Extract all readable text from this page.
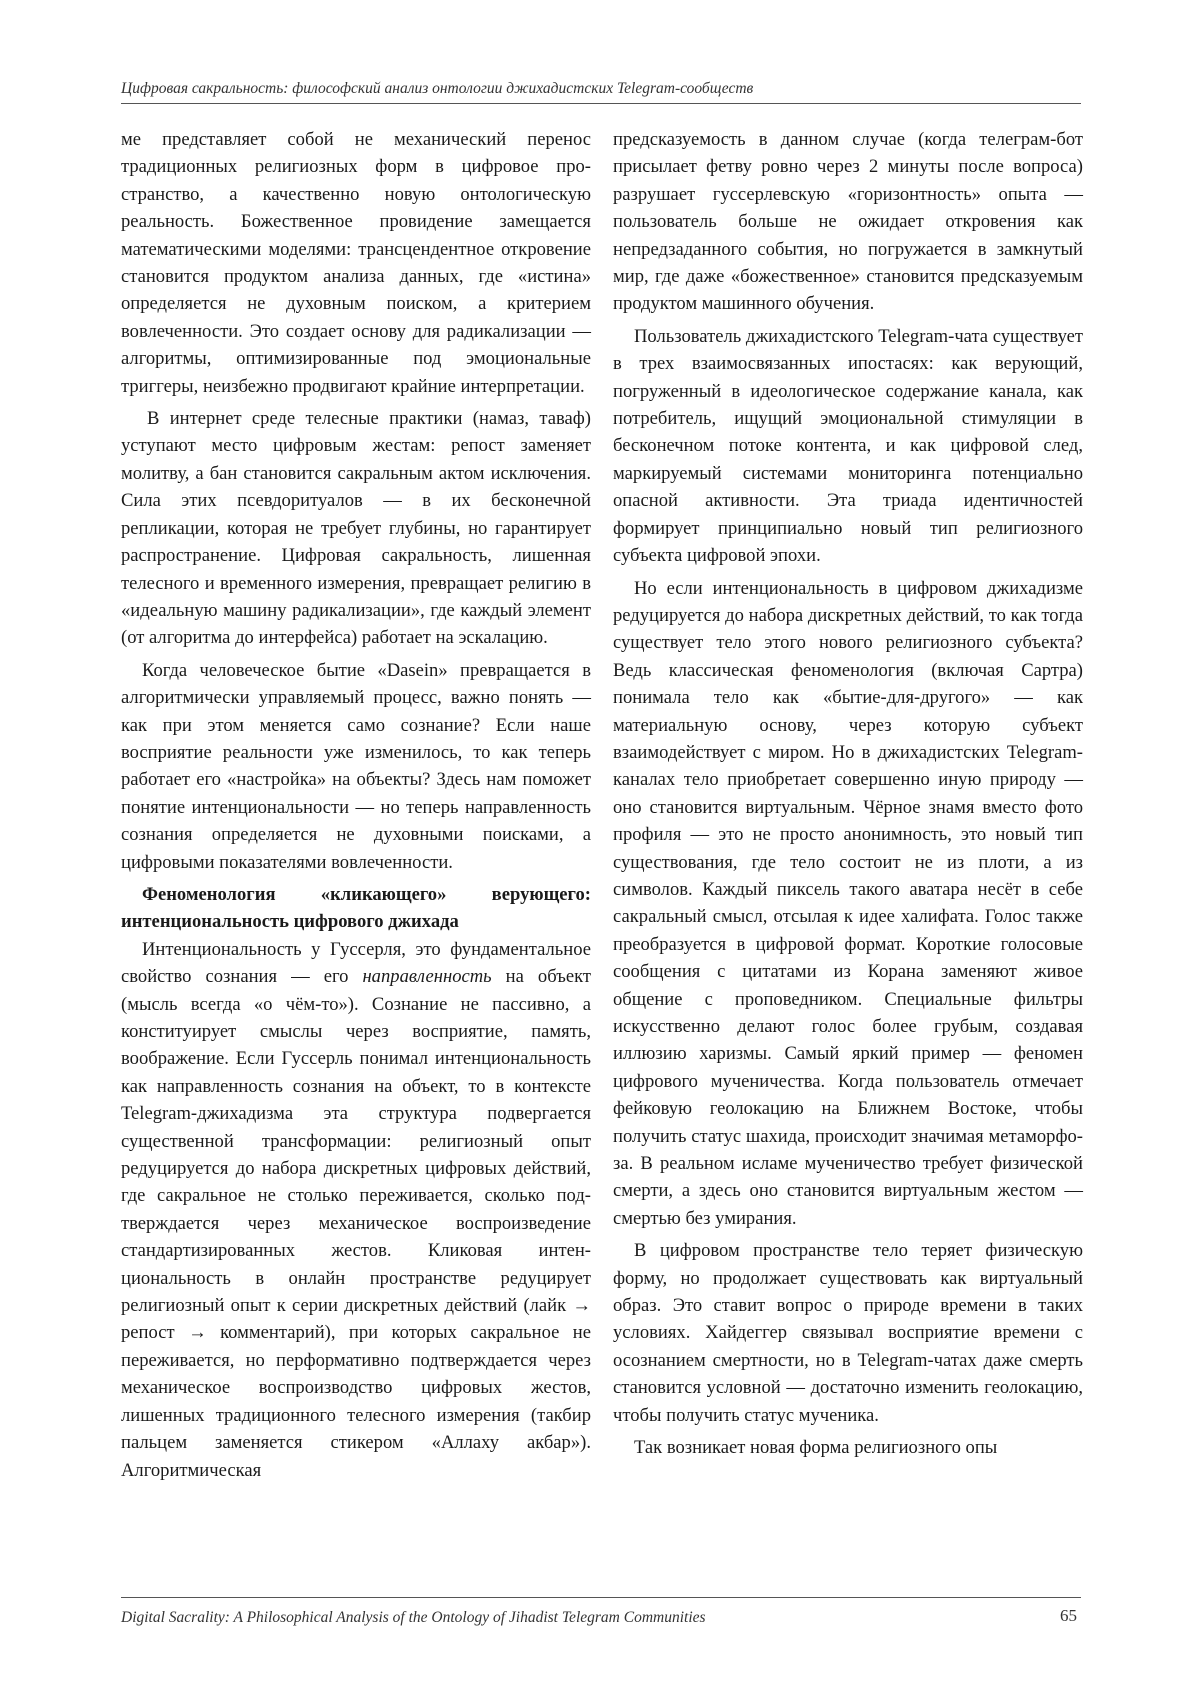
Цифровая сакральность: философский анализ онтологии джихадистских Telegram-сообществ

ме представляет собой не механический перенос традиционных религиозных форм в цифровое пространство, а качественно новую онтологическую реальность. Божественное провидение замещается математическими моделями: трансцендентное откровение становится продуктом анализа данных, где «истина» определяется не духовным поиском, а критерием вовлеченности. Это создает основу для радикализации — алгоритмы, оптимизированные под эмоциональные триггеры, неизбежно продвигают крайние интерпретации.

В интернет среде телесные практики (намаз, таваф) уступают место цифровым жестам: репост заменяет молитву, а бан становится сакральным актом исключения. Сила этих псевдоритуалов — в их бесконечной репликации, которая не требует глубины, но гарантирует распространение. Цифровая сакральность, лишенная телесного и временного измерения, превращает религию в «идеальную машину радикализации», где каждый элемент (от алгоритма до интерфейса) работает на эскалацию.

Когда человеческое бытие «Dasein» превращается в алгоритмически управляемый процесс, важно понять — как при этом меняется само сознание? Если наше восприятие реальности уже изменилось, то как теперь работает его «настройка» на объекты? Здесь нам поможет понятие интенциональности — но теперь направленность сознания определяется не духовными поисками, а цифровыми показателями вовлеченности.

Феноменология «кликающего» верующего: интенциональность цифрового джихада

Интенциональность у Гуссерля, это фундаментальное свойство сознания — его направленность на объект (мысль всегда «о чём-то»). Сознание не пассивно, а конституирует смыслы через восприятие, память, воображение. Если Гуссерль понимал интенциональность как направленность сознания на объект, то в контексте Telegram-джихадизма эта структура подвергается существенной трансформации: религиозный опыт редуцируется до набора дискретных цифровых действий, где сакральное не столько переживается, сколько подтверждается через механическое воспроизведение стандартизированных жестов. Кликовая интенциональность в онлайн пространстве редуцирует религиозный опыт к серии дискретных действий (лайк → репост → комментарий), при которых сакральное не переживается, но перформативно подтверждается через механическое воспроизводство цифровых жестов, лишенных традиционного телесного измерения (такбир пальцем заменяется стикером «Аллаху акбар»). Алгоритмическая

предсказуемость в данном случае (когда телеграм-бот присылает фетву ровно через 2 минуты после вопроса) разрушает гуссерлевскую «горизонтность» опыта — пользователь больше не ожидает откровения как непредзаданного события, но погружается в замкнутый мир, где даже «божественное» становится предсказуемым продуктом машинного обучения.

Пользователь джихадистского Telegram-чата существует в трех взаимосвязанных ипостасях: как верующий, погруженный в идеологическое содержание канала, как потребитель, ищущий эмоциональной стимуляции в бесконечном потоке контента, и как цифровой след, маркируемый системами мониторинга потенциально опасной активности. Эта триада идентичностей формирует принципиально новый тип религиозного субъекта цифровой эпохи.

Но если интенциональность в цифровом джихадизме редуцируется до набора дискретных действий, то как тогда существует тело этого нового религиозного субъекта? Ведь классическая феноменология (включая Сартра) понимала тело как «бытие-для-другого» — как материальную основу, через которую субъект взаимодействует с миром. Но в джихадистских Telegram-каналах тело приобретает совершенно иную природу — оно становится виртуальным. Чёрное знамя вместо фото профиля — это не просто анонимность, это новый тип существования, где тело состоит не из плоти, а из символов. Каждый пиксель такого аватара несёт в себе сакральный смысл, отсылая к идее халифата. Голос также преобразуется в цифровой формат. Короткие голосовые сообщения с цитатами из Корана заменяют живое общение с проповедником. Специальные фильтры искусственно делают голос более грубым, создавая иллюзию харизмы. Самый яркий пример — феномен цифрового мученичества. Когда пользователь отмечает фейковую геолокацию на Ближнем Востоке, чтобы получить статус шахида, происходит значимая метаморфоза. В реальном исламе мученичество требует физической смерти, а здесь оно становится виртуальным жестом — смертью без умирания.

В цифровом пространстве тело теряет физическую форму, но продолжает существовать как виртуальный образ. Это ставит вопрос о природе времени в таких условиях. Хайдеггер связывал восприятие времени с осознанием смертности, но в Telegram-чатах даже смерть становится условной — достаточно изменить геолокацию, чтобы получить статус мученика.

Так возникает новая форма религиозного опы

Digital Sacrality: A Philosophical Analysis of the Ontology of Jihadist Telegram Communities	65
